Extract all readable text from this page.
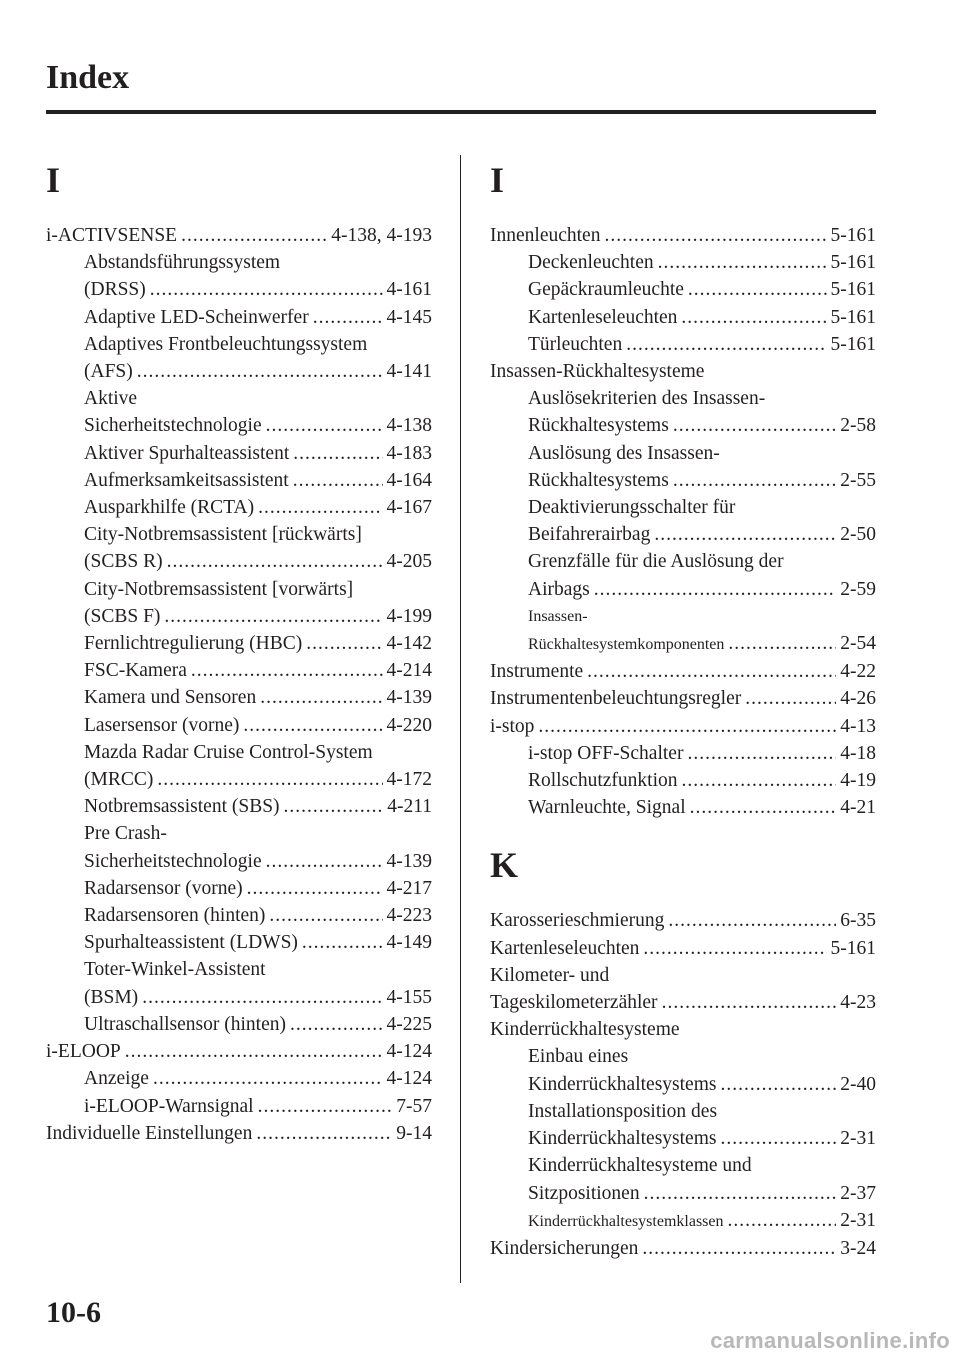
Index
I
i-ACTIVSENSE .....	4-138, 4-193
Abstandsführungssystem
(DRSS) .....	4-161
Adaptive LED-Scheinwerfer .....	4-145
Adaptives Frontbeleuchtungssystem
(AFS) .....	4-141
Aktive
Sicherheitstechnologie .....	4-138
Aktiver Spurhalteassistent .....	4-183
Aufmerksamkeitsassistent .....	4-164
Ausparkhilfe (RCTA) .....	4-167
City-Notbremsassistent [rückwärts]
(SCBS R) .....	4-205
City-Notbremsassistent [vorwärts]
(SCBS F) .....	4-199
Fernlichtregulierung (HBC) .....	4-142
FSC-Kamera .....	4-214
Kamera und Sensoren .....	4-139
Lasersensor (vorne) .....	4-220
Mazda Radar Cruise Control-System
(MRCC) .....	4-172
Notbremsassistent (SBS) .....	4-211
Pre Crash-
Sicherheitstechnologie .....	4-139
Radarsensor (vorne) .....	4-217
Radarsensoren (hinten) .....	4-223
Spurhalteassistent (LDWS) .....	4-149
Toter-Winkel-Assistent
(BSM) .....	4-155
Ultraschallsensor (hinten) .....	4-225
i-ELOOP .....	4-124
Anzeige .....	4-124
i-ELOOP-Warnsignal .....	7-57
Individuelle Einstellungen .....	9-14
I
Innenleuchten .....	5-161
Deckenleuchten .....	5-161
Gepäckraumleuchte .....	5-161
Kartenleseleuchten .....	5-161
Türleuchten .....	5-161
Insassen-Rückhaltesysteme
Auslösekriterien des Insassen-
Rückhaltesystems .....	2-58
Auslösung des Insassen-
Rückhaltesystems .....	2-55
Deaktivierungsschalter für
Beifahrerairbag .....	2-50
Grenzfälle für die Auslösung der
Airbags .....	2-59
Insassen-
Rückhaltesystemkomponenten .....	2-54
Instrumente .....	4-22
Instrumentenbeleuchtungsregler .....	4-26
i-stop .....	4-13
i-stop OFF-Schalter .....	4-18
Rollschutzfunktion .....	4-19
Warnleuchte, Signal .....	4-21
K
Karosserieschmierung .....	6-35
Kartenleseleuchten .....	5-161
Kilometer- und
Tageskilometerzähler .....	4-23
Kinderrückhaltesysteme
Einbau eines
Kinderrückhaltesystems .....	2-40
Installationsposition des
Kinderrückhaltesystems .....	2-31
Kinderrückhaltesysteme und
Sitzpositionen .....	2-37
Kinderrückhaltesystemklassen .....	2-31
Kindersicherungen .....	3-24
10-6
carmanualsonline.info
